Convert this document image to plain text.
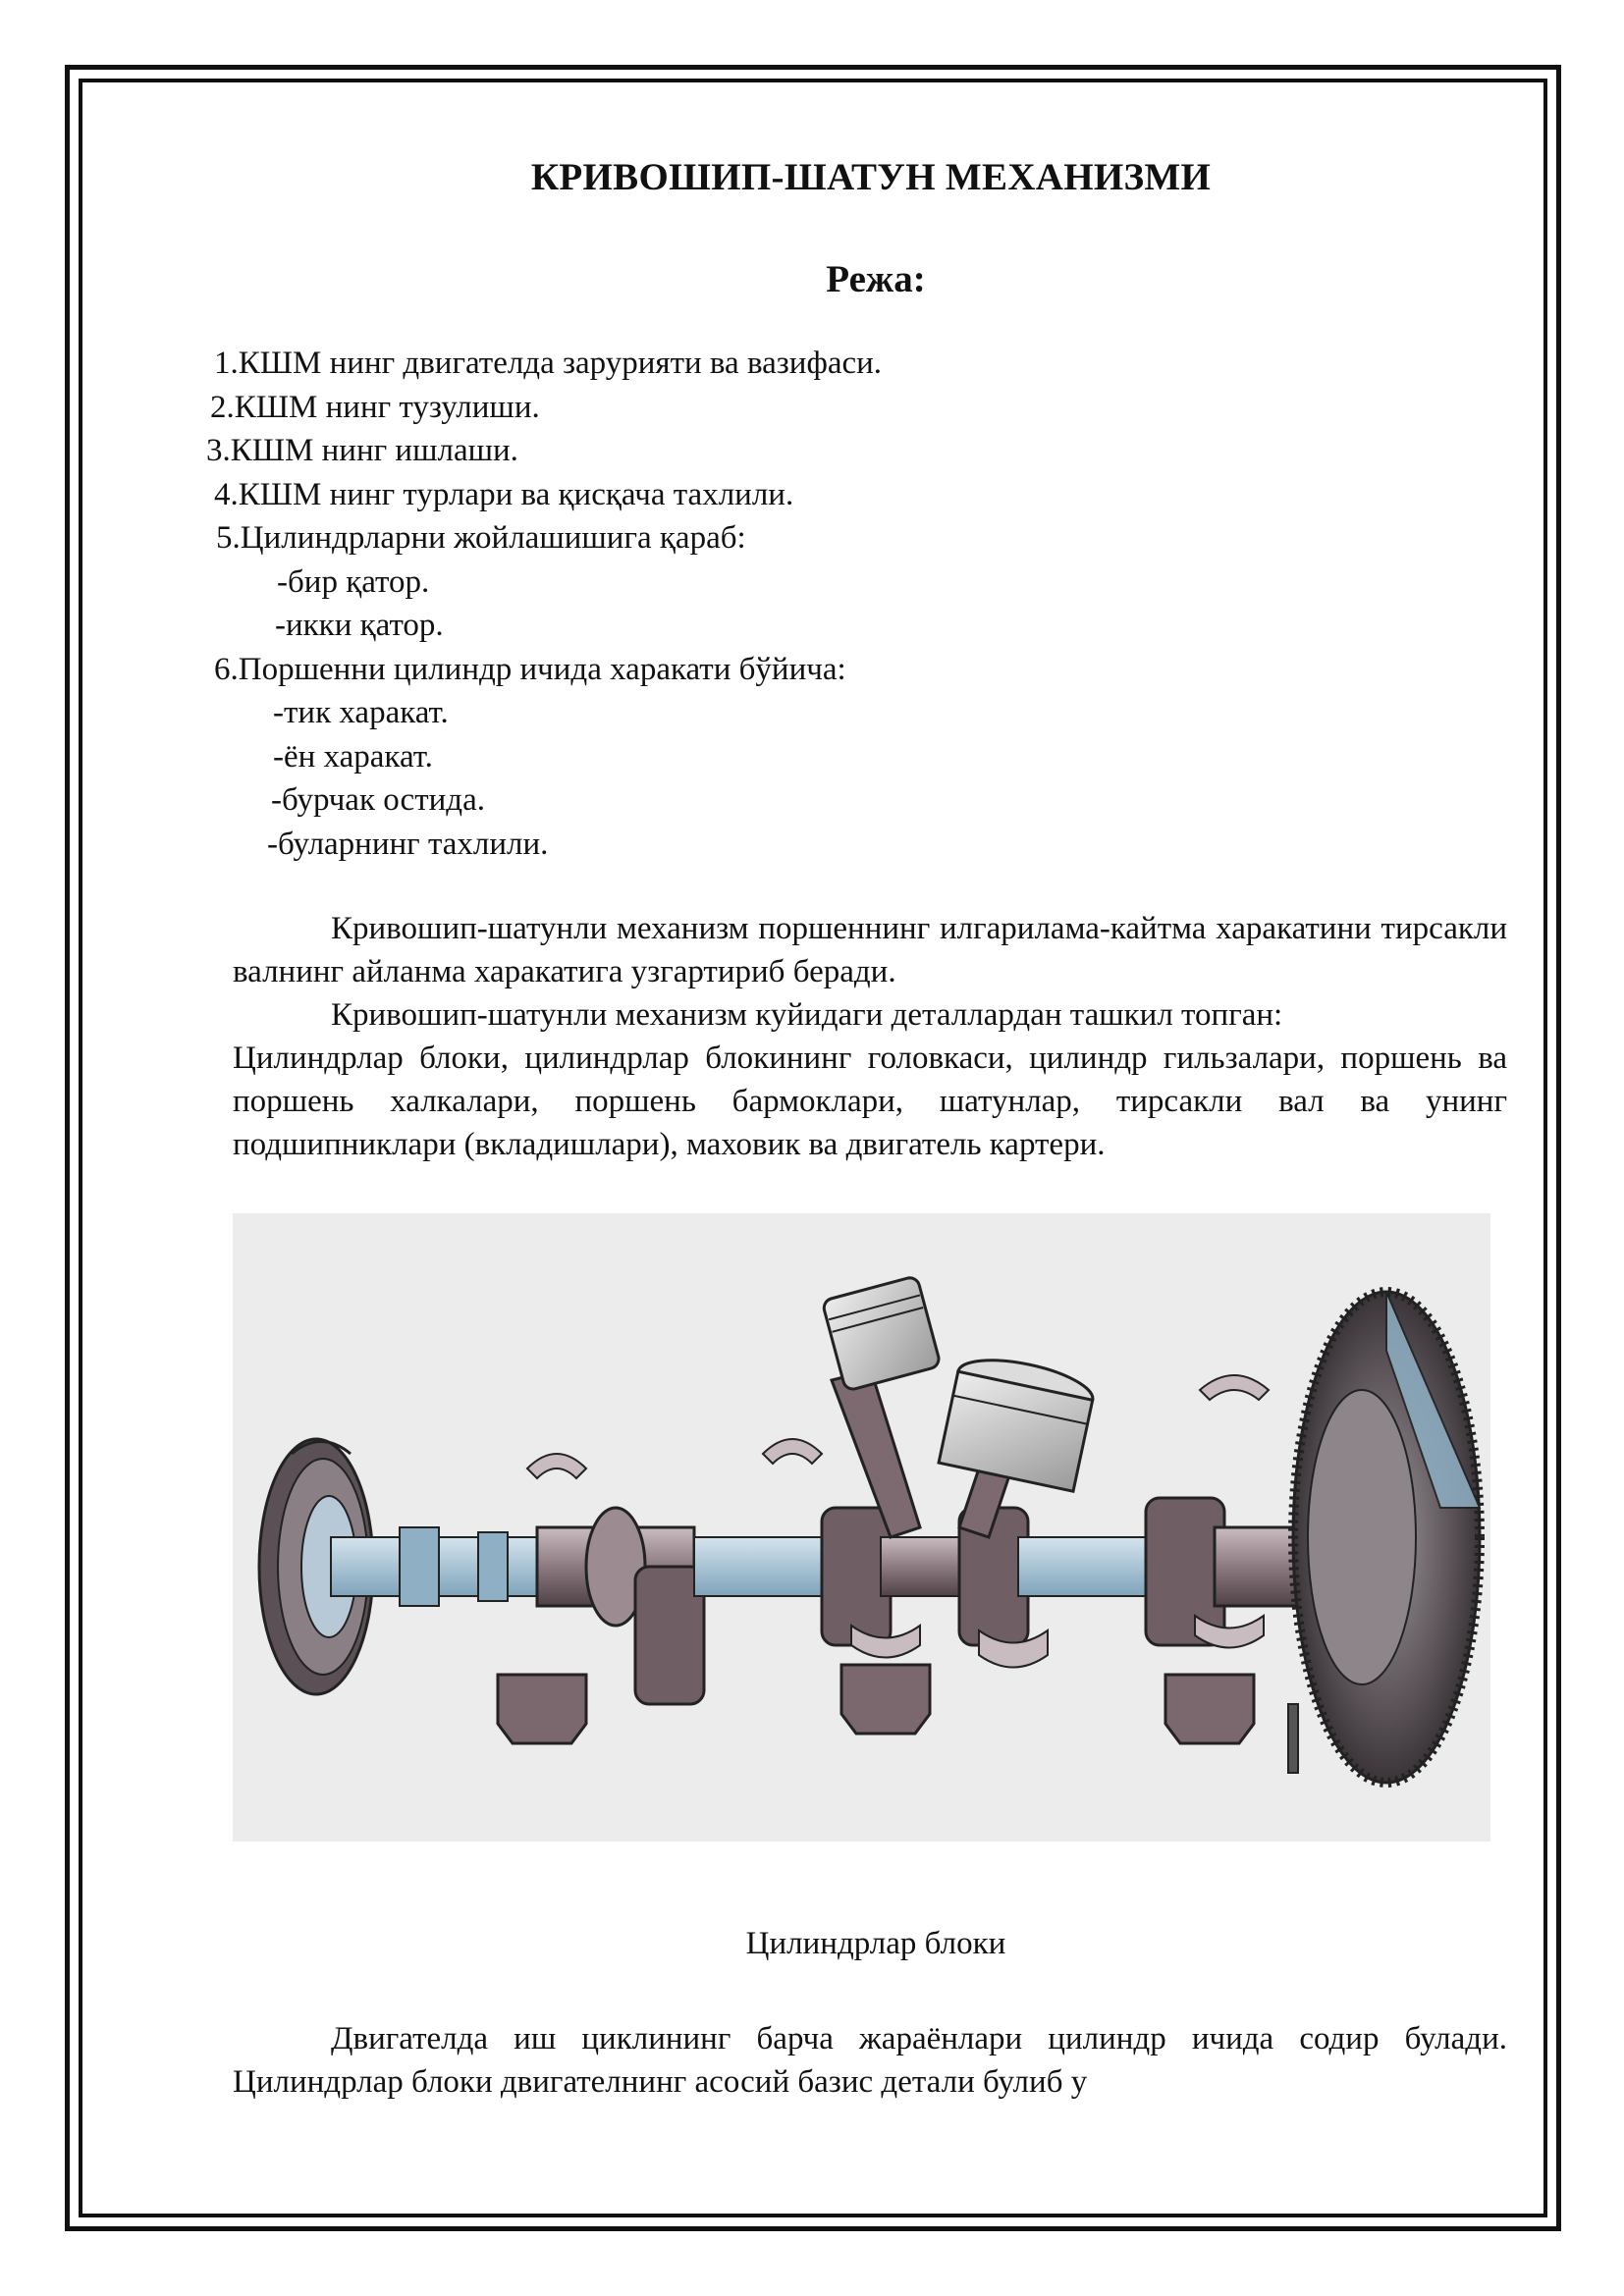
КРИВОШИП-ШАТУН МЕХАНИЗМИ
Режа:
1.КШМ нинг двигателда зарурияти ва вазифаси.
2.КШМ нинг тузулиши.
3.КШМ нинг ишлаши.
4.КШМ нинг турлари ва қисқача тахлили.
5.Цилиндрларни жойлашишига қараб:
-бир қатор.
-икки қатор.
6.Поршенни цилиндр ичида харакати бўйича:
-тик харакат.
-ён харакат.
-бурчак остида.
-буларнинг тахлили.

Кривошип-шатунли механизм поршеннинг илгарилама-кайтма харакатини тирсакли валнинг айланма харакатига узгартириб беради.

Кривошип-шатунли механизм куйидаги деталлардан ташкил топган:

Цилиндрлар блоки, цилиндрлар блокининг головкаси, цилиндр гильзалари, поршень ва поршень халкалари, поршень бармоклари, шатунлар, тирсакли вал ва унинг подшипниклари (вкладишлари), маховик ва двигатель картери.

Цилиндрлар блоки

Двигателда иш циклининг барча жараёнлари цилиндр ичида содир булади. Цилиндрлар блоки двигателнинг асосий базис детали булиб у
